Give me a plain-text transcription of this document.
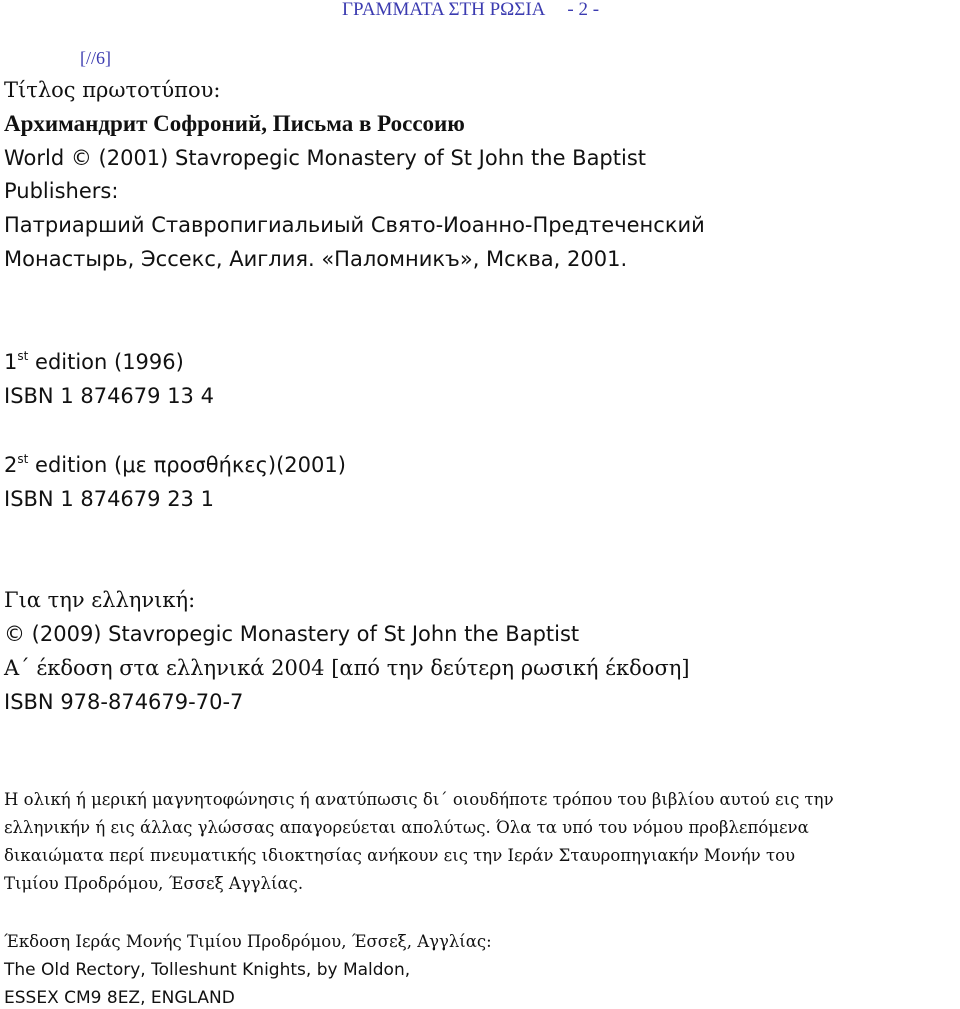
ΓΡΑΜΜΑΤΑ ΣΤΗ ΡΩΣΙΑ - 2 -
[//6]
Τίτλος πρωτοτύπου:
Архимандрит Софроний, Письма в Россоию
World © (2001) Stavropegic Monastery of St John the Baptist
Publishers:
Патриарший Ставропигиальиый Свято-Иоанно-Предтеченский
Монастырь, Эссекс, Аиглия. «Паломникъ», Мсква, 2001.
1st edition (1996)
ISBN 1 874679 13 4
2st edition (με προσθήκες)(2001)
ISBN 1 874679 23 1
Για την ελληνική:
© (2009) Stavropegic Monastery of St John the Baptist
Α΄ έκδοση στα ελληνικά 2004 [από την δεύτερη ρωσική έκδοση]
ISBN 978-874679-70-7
Η ολική ή μερική μαγνητοφώνησις ή ανατύπωσις δι΄ οιουδήποτε τρόπου του βιβλίου αυτού εις την
ελληνικήν ή εις άλλας γλώσσας απαγορεύεται απολύτως. Όλα τα υπό του νόμου προβλεπόμενα
δικαιώματα περί πνευματικής ιδιοκτησίας ανήκουν εις την Ιεράν Σταυροπηγιακήν Μονήν του
Τιμίου Προδρόμου, Έσσεξ Αγγλίας.
Έκδοση Ιεράς Μονής Τιμίου Προδρόμου, Έσσεξ, Αγγλίας:
The Old Rectory, Tolleshunt Knights, by Maldon,
ESSEX CM9 8EZ, ENGLAND
